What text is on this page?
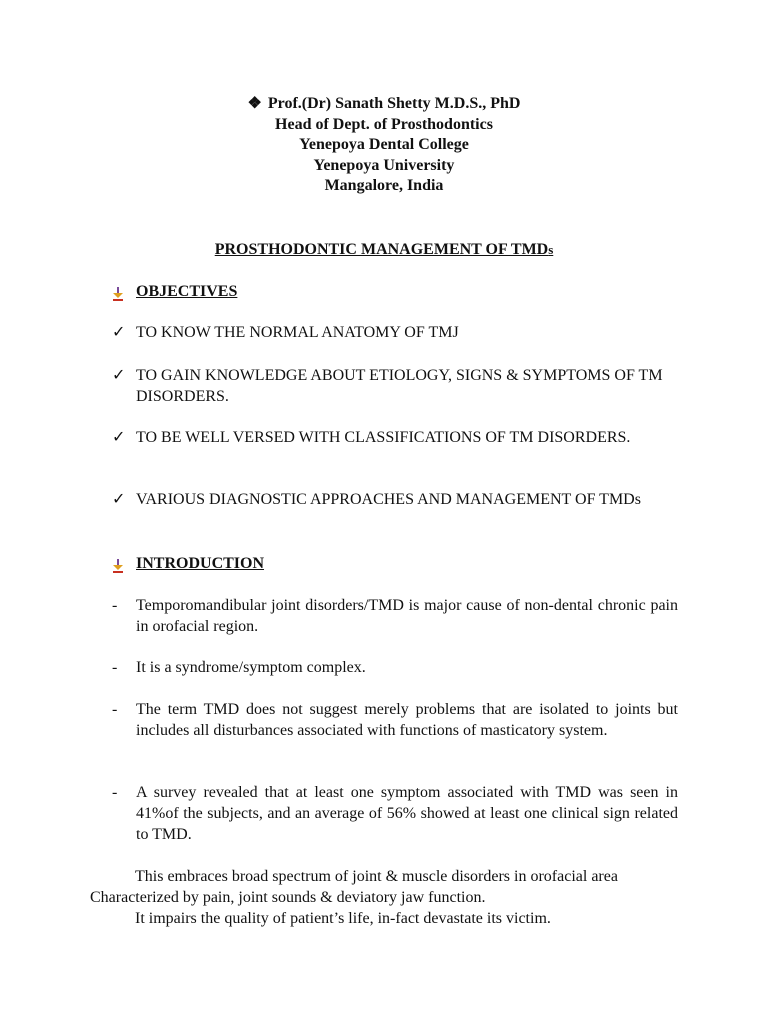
❖ Prof.(Dr) Sanath Shetty M.D.S., PhD
Head of Dept. of Prosthodontics
Yenepoya Dental College
Yenepoya University
Mangalore, India
PROSTHODONTIC MANAGEMENT OF TMDs
OBJECTIVES
✓ TO KNOW THE NORMAL ANATOMY OF TMJ
✓ TO GAIN KNOWLEDGE ABOUT ETIOLOGY, SIGNS & SYMPTOMS OF TM DISORDERS.
✓ TO BE WELL VERSED WITH CLASSIFICATIONS OF TM DISORDERS.
✓ VARIOUS DIAGNOSTIC APPROACHES AND MANAGEMENT OF TMDs
INTRODUCTION
- Temporomandibular joint disorders/TMD is major cause of non-dental chronic pain in orofacial region.
- It is a syndrome/symptom complex.
- The term TMD does not suggest merely problems that are isolated to joints but includes all disturbances associated with functions of masticatory system.
- A survey revealed that at least one symptom associated with TMD was seen in 41%of the subjects, and an average of 56% showed at least one clinical sign related to TMD.
This embraces broad spectrum of joint & muscle disorders in orofacial area
Characterized by pain, joint sounds & deviatory jaw function.
It impairs the quality of patient’s life, in-fact devastate its victim.
